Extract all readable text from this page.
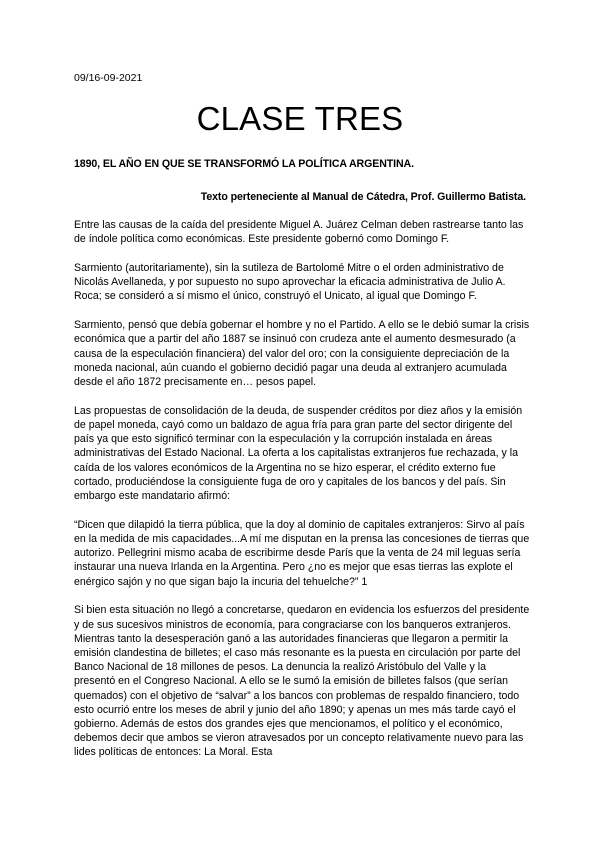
09/16-09-2021
CLASE TRES

1890, EL AÑO EN QUE SE TRANSFORMÓ LA POLÍTICA ARGENTINA.

Texto perteneciente al Manual de Cátedra, Prof. Guillermo Batista.

Entre las causas de la caída del presidente Miguel A. Juárez Celman deben rastrearse tanto las de índole política como económicas. Este presidente gobernó como Domingo F.

Sarmiento (autoritariamente), sin la sutileza de Bartolomé Mitre o el orden administrativo de Nicolás Avellaneda, y por supuesto no supo aprovechar la eficacia administrativa de Julio A. Roca; se consideró a sí mismo el único, construyó el Unicato, al igual que Domingo F.

Sarmiento, pensó que debía gobernar el hombre y no el Partido. A ello se le debió sumar la crisis económica que a partir del año 1887 se insinuó con crudeza ante el aumento desmesurado (a causa de la especulación financiera) del valor del oro; con la consiguiente depreciación de la moneda nacional, aún cuando el gobierno decidió pagar una deuda al extranjero acumulada desde el año 1872 precisamente en… pesos papel.

Las propuestas de consolidación de la deuda, de suspender créditos por diez años y la emisión de papel moneda, cayó como un baldazo de agua fría para gran parte del sector dirigente del país ya que esto significó terminar con la especulación y la corrupción instalada en áreas administrativas del Estado Nacional. La oferta a los capitalistas extranjeros fue rechazada, y la caída de los valores económicos de la Argentina no se hizo esperar, el crédito externo fue cortado, produciéndose la consiguiente fuga de oro y capitales de los bancos y del país. Sin embargo este mandatario afirmó:

“Dicen que dilapidó la tierra pública, que la doy al dominio de capitales extranjeros: Sirvo al país en la medida de mis capacidades...A mí me disputan en la prensa las concesiones de tierras que autorizo. Pellegrini mismo acaba de escribirme desde París que la venta de 24 mil leguas sería instaurar una nueva Irlanda en la Argentina. Pero ¿no es mejor que esas tierras las explote el enérgico sajón y no que sigan bajo la incuria del tehuelche?” 1

Si bien esta situación no llegó a concretarse, quedaron en evidencia los esfuerzos del presidente y de sus sucesivos ministros de economía, para congraciarse con los banqueros extranjeros. Mientras tanto la desesperación ganó a las autoridades financieras que llegaron a permitir la emisión clandestina de billetes; el caso más resonante es la puesta en circulación por parte del Banco Nacional de 18 millones de pesos. La denuncia la realizó Aristóbulo del Valle y la presentó en el Congreso Nacional. A ello se le sumó la emisión de billetes falsos (que serían quemados) con el objetivo de “salvar” a los bancos con problemas de respaldo financiero, todo esto ocurrió entre los meses de abril y junio del año 1890; y apenas un mes más tarde cayó el gobierno. Además de estos dos grandes ejes que mencionamos, el político y el económico, debemos decir que ambos se vieron atravesados por un concepto relativamente nuevo para las lides políticas de entonces: La Moral. Esta
